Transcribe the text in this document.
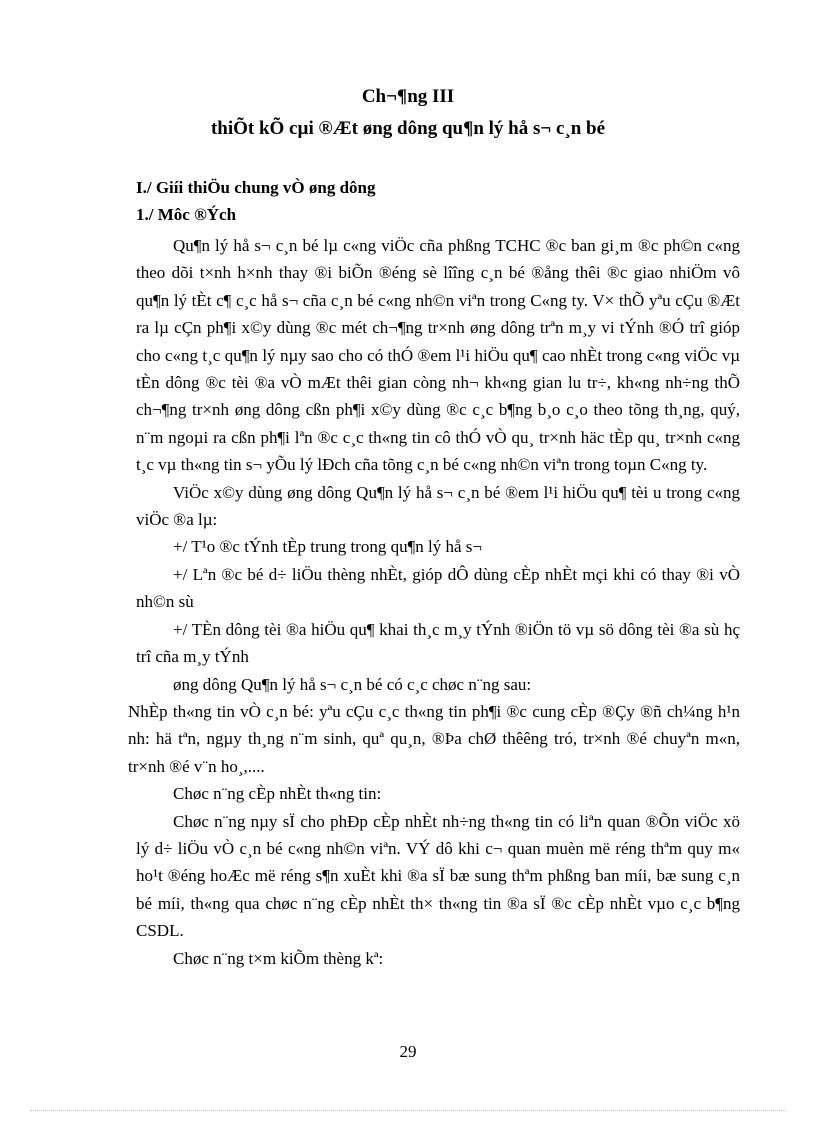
Ch¬¶ng III
thiÕt kÕ cµi ®Æt øng dông qu¶n lý hå s¬ c¸n bé
I./ Giíi thiÖu chung vÒ øng dông
1./ Môc ®Ých

Qu¶n lý hå s¬ c¸n bé lµ c«ng viÖc cña phßng TCHC ®c ban gi¸m ®c ph©n c«ng theo dõi t×nh h×nh thay ®i biÕn ®éng sè lîîng c¸n bé ®ång thêi ®c giao nhiÖm vô qu¶n lý tÈt c¶ c¸c hå s¬ cña c¸n bé c«ng nh©n viªn trong C«ng ty. V× thÕ yªu cÇu ®Æt ra lµ cÇn ph¶i x©y dùng ®c mét ch¬¶ng tr×nh øng dông trªn m¸y vi tÝnh ®Ó trî gióp cho c«ng t¸c qu¶n lý nµy sao cho có thÓ ®em l¹i hiÖu qu¶ cao nhÈt trong c«ng viÖc vµ tÈn dông ®c tèi ®a vÒ mÆt thêi gian còng nh¬ kh«ng gian lu tr÷, kh«ng nh÷ng thÕ ch¬¶ng tr×nh øng dông cßn ph¶i x©y dùng ®c c¸c b¶ng b¸o c¸o theo tõng th¸ng, quý, n¨m ngoµi ra cßn ph¶i lªn ®c c¸c th«ng tin cô thÓ vÒ qu¸ tr×nh häc tÈp qu¸ tr×nh c«ng t¸c vµ th«ng tin s¬ yÕu lý lÐch cña tõng c¸n bé c«ng nh©n viªn trong toµn C«ng ty.

ViÖc x©y dùng øng dông Qu¶n lý hå s¬ c¸n bé ®em l¹i hiÖu qu¶ tèi u trong c«ng viÖc ®a lµ:

+/ T¹o ®c tÝnh tÈp trung trong qu¶n lý hå s¬

+/ Lªn ®c bé d÷ liÖu thèng nhÈt, gióp dÔ dùng cÈp nhÈt mçi khi có thay ®i vÒ nh©n sù

+/ TÈn dông tèi ®a hiÖu qu¶ khai th¸c m¸y tÝnh ®iÖn tö vµ sö dông tèi ®a sù hç trî cña m¸y tÝnh

øng dông Qu¶n lý hå s¬ c¸n bé có c¸c chøc n¨ng sau:

NhÈp th«ng tin vÒ c¸n bé: yªu cÇu c¸c th«ng tin ph¶i ®c cung cÈp ®Çy ®ñ ch¼ng h¹n nh: hä tªn, ngµy th¸ng n¨m sinh, quª qu¸n, ®Þa chØ thêêng tró, tr×nh ®é chuyªn m«n, tr×nh ®é v¨n ho¸,....

Chøc n¨ng cÈp nhÈt th«ng tin:

Chøc n¨ng nµy sÏ cho phÐp cÈp nhÈt nh÷ng th«ng tin có liªn quan ®Õn viÖc xö lý d÷ liÖu vÒ c¸n bé c«ng nh©n viªn. VÝ dô khi c¬ quan muèn më réng thªm quy m« ho¹t ®éng hoÆc më réng s¶n xuÈt khi ®a sÏ bæ sung thªm phßng ban míi, bæ sung c¸n bé míi, th«ng qua chøc n¨ng cÈp nhÈt th× th«ng tin ®a sÏ ®c cÈp nhÈt vµo c¸c b¶ng CSDL.

Chøc n¨ng t×m kiÕm thèng kª:

29
